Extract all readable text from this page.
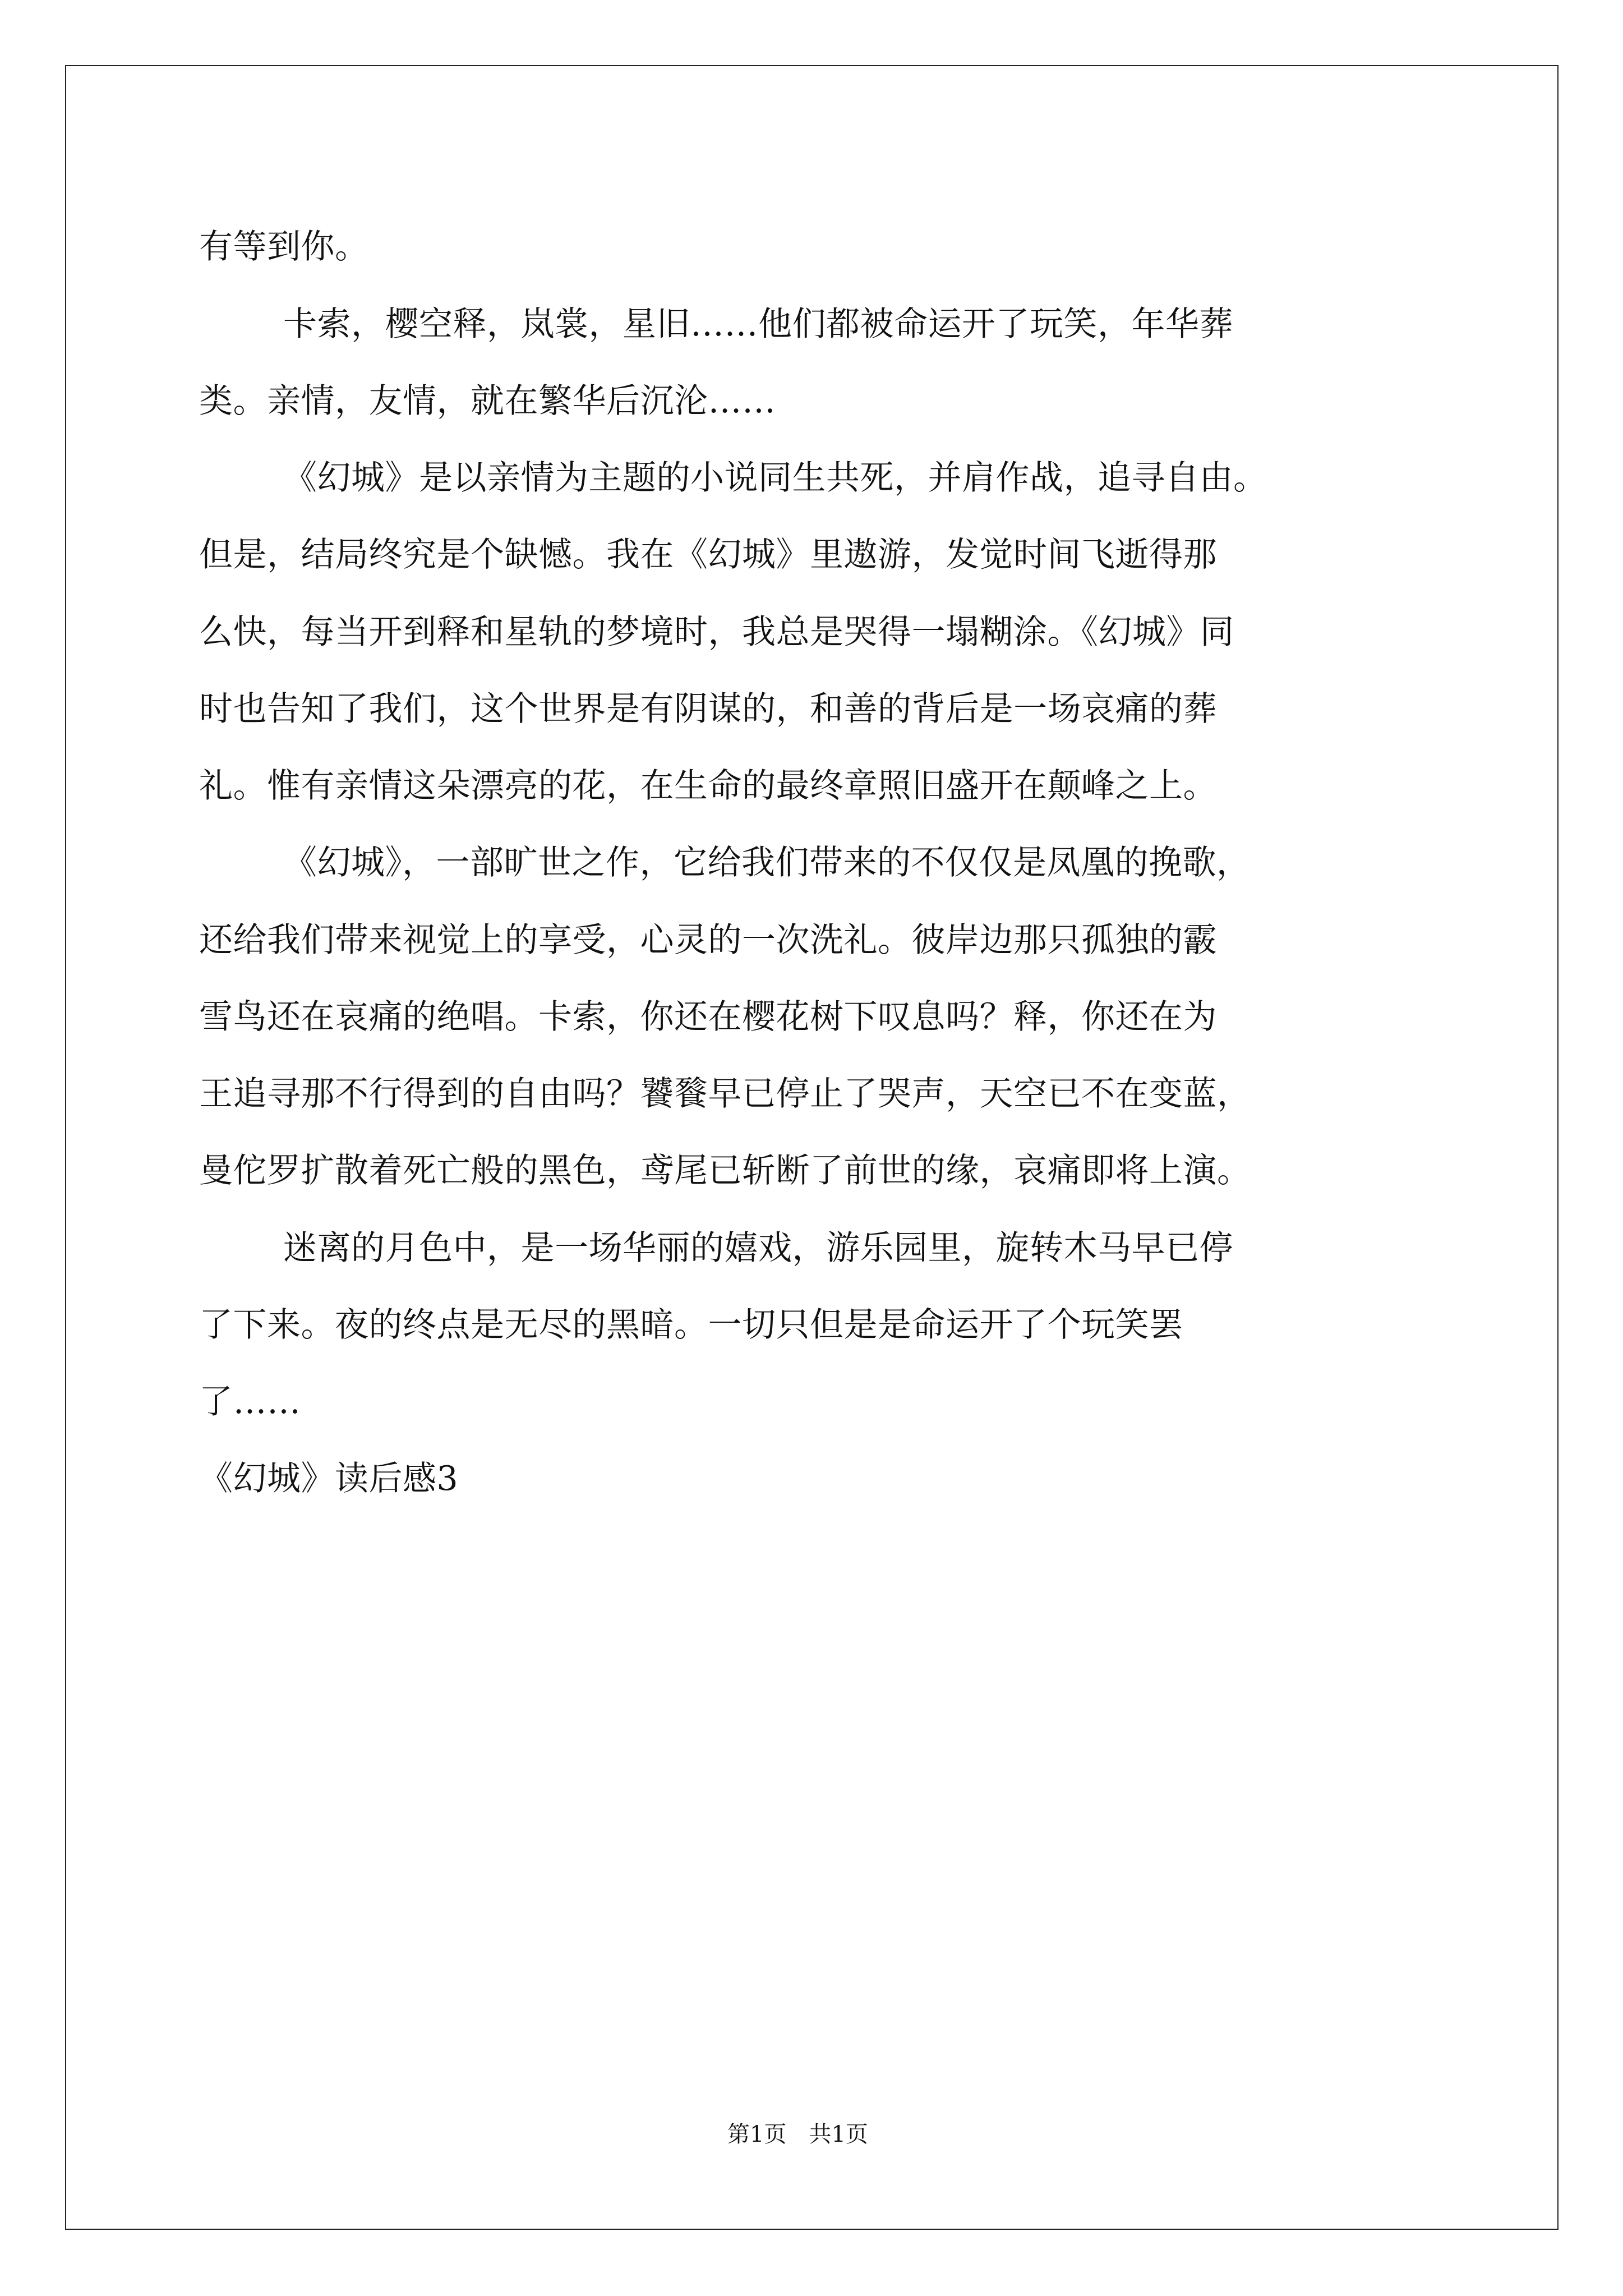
有等到你。
卡索，樱空释，岚裳，星旧……他们都被命运开了玩笑，年华葬
类。亲情，友情，就在繁华后沉沦……
《幻城》是以亲情为主题的小说同生共死，并肩作战，追寻自由。
但是，结局终究是个缺憾。我在《幻城》里遨游，发觉时间飞逝得那
么快，每当开到释和星轨的梦境时，我总是哭得一塌糊涂。《幻城》同
时也告知了我们，这个世界是有阴谋的，和善的背后是一场哀痛的葬
礼。惟有亲情这朵漂亮的花，在生命的最终章照旧盛开在颠峰之上。
《幻城》，一部旷世之作，它给我们带来的不仅仅是凤凰的挽歌，
还给我们带来视觉上的享受，心灵的一次洗礼。彼岸边那只孤独的霰
雪鸟还在哀痛的绝唱。卡索，你还在樱花树下叹息吗？释，你还在为
王追寻那不行得到的自由吗？饕餮早已停止了哭声，天空已不在变蓝，
曼佗罗扩散着死亡般的黑色，鸢尾已斩断了前世的缘，哀痛即将上演。
迷离的月色中，是一场华丽的嬉戏，游乐园里，旋转木马早已停
了下来。夜的终点是无尽的黑暗。一切只但是是命运开了个玩笑罢
了……
《幻城》读后感3
第1页　共1页
